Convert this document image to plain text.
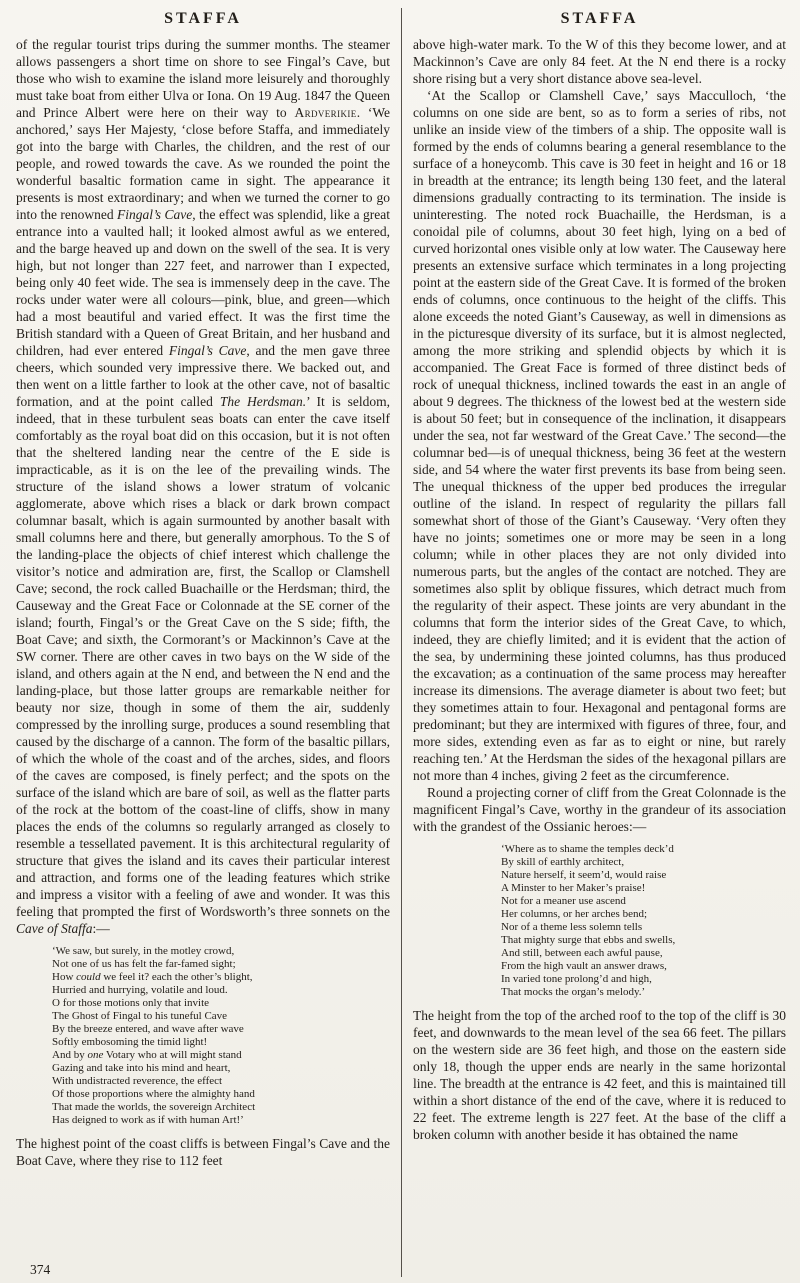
STAFFA

of the regular tourist trips during the summer months. The steamer allows passengers a short time on shore to see Fingal’s Cave, but those who wish to examine the island more leisurely and thoroughly must take boat from either Ulva or Iona. On 19 Aug. 1847 the Queen and Prince Albert were here on their way to Ardverikie. ‘We anchored,’ says Her Majesty, ‘close before Staffa, and immediately got into the barge with Charles, the children, and the rest of our people, and rowed towards the cave. As we rounded the point the wonderful basaltic formation came in sight. The appearance it presents is most extraordinary; and when we turned the corner to go into the renowned Fingal’s Cave, the effect was splendid, like a great entrance into a vaulted hall; it looked almost awful as we entered, and the barge heaved up and down on the swell of the sea. It is very high, but not longer than 227 feet, and narrower than I expected, being only 40 feet wide. The sea is immensely deep in the cave. The rocks under water were all colours—pink, blue, and green—which had a most beautiful and varied effect. It was the first time the British standard with a Queen of Great Britain, and her husband and children, had ever entered Fingal’s Cave, and the men gave three cheers, which sounded very impressive there. We backed out, and then went on a little farther to look at the other cave, not of basaltic formation, and at the point called The Herdsman.’ It is seldom, indeed, that in these turbulent seas boats can enter the cave itself comfortably as the royal boat did on this occasion, but it is not often that the sheltered landing near the centre of the E side is impracticable, as it is on the lee of the prevailing winds. The structure of the island shows a lower stratum of volcanic agglomerate, above which rises a black or dark brown compact columnar basalt, which is again surmounted by another basalt with small columns here and there, but generally amorphous. To the S of the landing-place the objects of chief interest which challenge the visitor’s notice and admiration are, first, the Scallop or Clamshell Cave; second, the rock called Buachaille or the Herdsman; third, the Causeway and the Great Face or Colonnade at the SE corner of the island; fourth, Fingal’s or the Great Cave on the S side; fifth, the Boat Cave; and sixth, the Cormorant’s or Mackinnon’s Cave at the SW corner. There are other caves in two bays on the W side of the island, and others again at the N end, and between the N end and the landing-place, but those latter groups are remarkable neither for beauty nor size, though in some of them the air, suddenly compressed by the inrolling surge, produces a sound resembling that caused by the discharge of a cannon. The form of the basaltic pillars, of which the whole of the coast and of the arches, sides, and floors of the caves are composed, is finely perfect; and the spots on the surface of the island which are bare of soil, as well as the flatter parts of the rock at the bottom of the coast-line of cliffs, show in many places the ends of the columns so regularly arranged as closely to resemble a tessellated pavement. It is this architectural regularity of structure that gives the island and its caves their particular interest and attraction, and forms one of the leading features which strike and impress a visitor with a feeling of awe and wonder. It was this feeling that prompted the first of Wordsworth’s three sonnets on the Cave of Staffa:—

‘We saw, but surely, in the motley crowd,
Not one of us has felt the far-famed sight;
How could we feel it? each the other’s blight,
Hurried and hurrying, volatile and loud.
O for those motions only that invite
The Ghost of Fingal to his tuneful Cave
By the breeze entered, and wave after wave
Softly embosoming the timid light!
And by one Votary who at will might stand
Gazing and take into his mind and heart,
With undistracted reverence, the effect
Of those proportions where the almighty hand
That made the worlds, the sovereign Architect
Has deigned to work as if with human Art!’

The highest point of the coast cliffs is between Fingal’s Cave and the Boat Cave, where they rise to 112 feet

STAFFA

above high-water mark. To the W of this they become lower, and at Mackinnon’s Cave are only 84 feet. At the N end there is a rocky shore rising but a very short distance above sea-level.

‘At the Scallop or Clamshell Cave,’ says Macculloch, ‘the columns on one side are bent, so as to form a series of ribs, not unlike an inside view of the timbers of a ship. The opposite wall is formed by the ends of columns bearing a general resemblance to the surface of a honeycomb. This cave is 30 feet in height and 16 or 18 in breadth at the entrance; its length being 130 feet, and the lateral dimensions gradually contracting to its termination. The inside is uninteresting. The noted rock Buachaille, the Herdsman, is a conoidal pile of columns, about 30 feet high, lying on a bed of curved horizontal ones visible only at low water. The Causeway here presents an extensive surface which terminates in a long projecting point at the eastern side of the Great Cave. It is formed of the broken ends of columns, once continuous to the height of the cliffs. This alone exceeds the noted Giant’s Causeway, as well in dimensions as in the picturesque diversity of its surface, but it is almost neglected, among the more striking and splendid objects by which it is accompanied. The Great Face is formed of three distinct beds of rock of unequal thickness, inclined towards the east in an angle of about 9 degrees. The thickness of the lowest bed at the western side is about 50 feet; but in consequence of the inclination, it disappears under the sea, not far westward of the Great Cave.’ The second—the columnar bed—is of unequal thickness, being 36 feet at the western side, and 54 where the water first prevents its base from being seen. The unequal thickness of the upper bed produces the irregular outline of the island. In respect of regularity the pillars fall somewhat short of those of the Giant’s Causeway. ‘Very often they have no joints; sometimes one or more may be seen in a long column; while in other places they are not only divided into numerous parts, but the angles of the contact are notched. They are sometimes also split by oblique fissures, which detract much from the regularity of their aspect. These joints are very abundant in the columns that form the interior sides of the Great Cave, to which, indeed, they are chiefly limited; and it is evident that the action of the sea, by undermining these jointed columns, has thus produced the excavation; as a continuation of the same process may hereafter increase its dimensions. The average diameter is about two feet; but they sometimes attain to four. Hexagonal and pentagonal forms are predominant; but they are intermixed with figures of three, four, and more sides, extending even as far as to eight or nine, but rarely reaching ten.’ At the Herdsman the sides of the hexagonal pillars are not more than 4 inches, giving 2 feet as the circumference.

Round a projecting corner of cliff from the Great Colonnade is the magnificent Fingal’s Cave, worthy in the grandeur of its association with the grandest of the Ossianic heroes:—

‘Where as to shame the temples deck’d
By skill of earthly architect,
Nature herself, it seem’d, would raise
A Minster to her Maker’s praise!
Not for a meaner use ascend
Her columns, or her arches bend;
Nor of a theme less solemn tells
That mighty surge that ebbs and swells,
And still, between each awful pause,
From the high vault an answer draws,
In varied tone prolong’d and high,
That mocks the organ’s melody.’

The height from the top of the arched roof to the top of the cliff is 30 feet, and downwards to the mean level of the sea 66 feet. The pillars on the western side are 36 feet high, and those on the eastern side only 18, though the upper ends are nearly in the same horizontal line. The breadth at the entrance is 42 feet, and this is maintained till within a short distance of the end of the cave, where it is reduced to 22 feet. The extreme length is 227 feet. At the base of the cliff a broken column with another beside it has obtained the name

374
